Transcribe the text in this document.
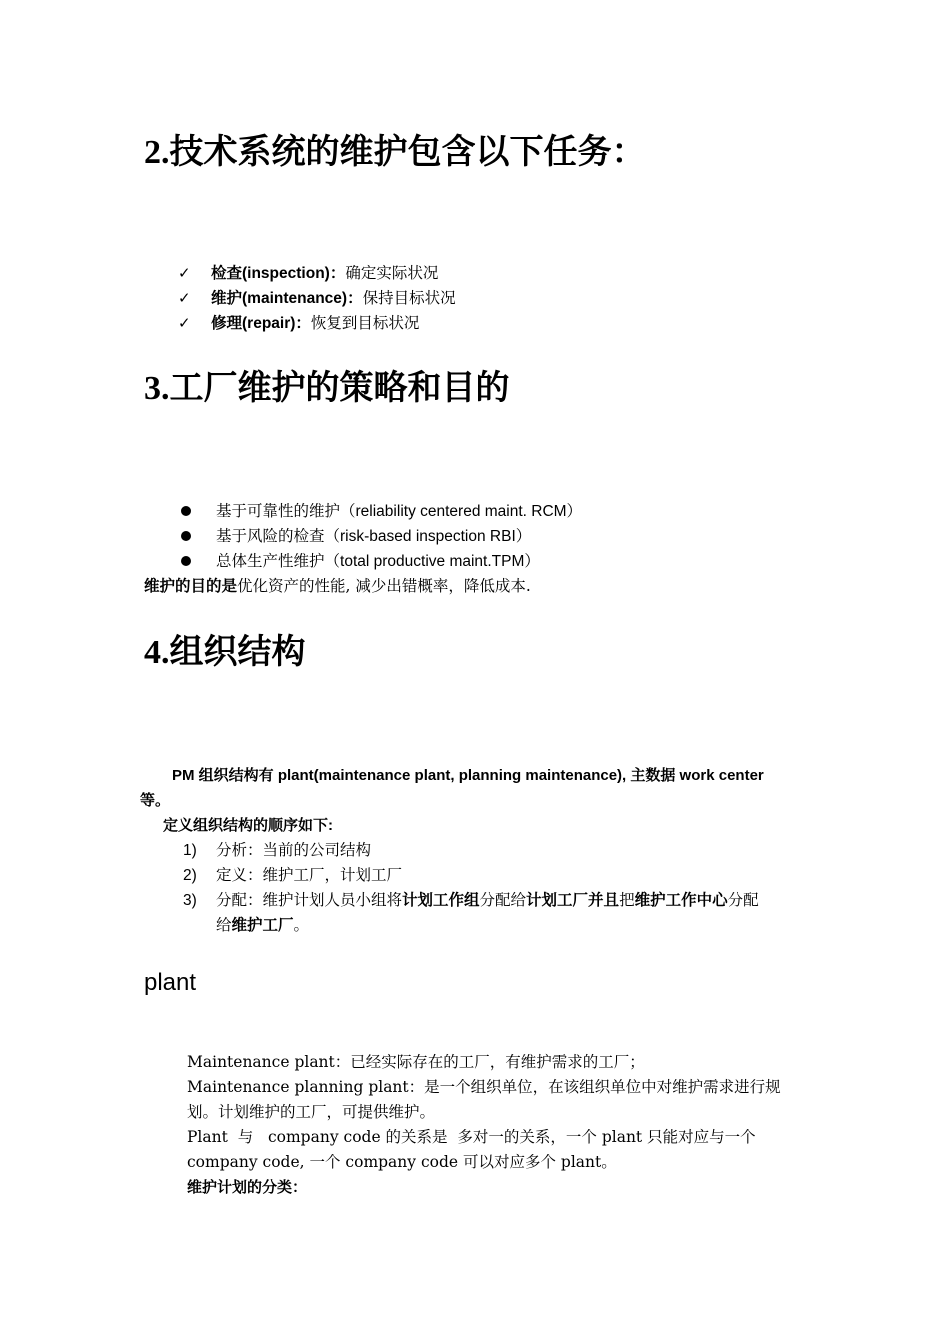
2.技术系统的维护包含以下任务：
✓ 检查(inspection)：确定实际状况
✓ 维护(maintenance)：保持目标状况
✓ 修理(repair)：恢复到目标状况
3.工厂维护的策略和目的
基于可靠性的维护（reliability centered maint. RCM）
基于风险的检查（risk-based inspection RBI）
总体生产性维护（total productive maint.TPM）
维护的目的是优化资产的性能, 减少出错概率，降低成本.
4.组织结构
PM 组织结构有 plant(maintenance plant, planning maintenance), 主数据 work center
等。
定义组织结构的顺序如下:
1) 分析：当前的公司结构
2) 定义：维护工厂，计划工厂
3) 分配：维护计划人员小组将计划工作组分配给计划工厂并且把维护工作中心分配
给维护工厂。
plant
Maintenance plant：已经实际存在的工厂，有维护需求的工厂；
Maintenance planning plant：是一个组织单位，在该组织单位中对维护需求进行规
划。计划维护的工厂，可提供维护。
Plant  与   company code 的关系是  多对一的关系，一个 plant 只能对应与一个
company code, 一个 company code 可以对应多个 plant。
维护计划的分类：
